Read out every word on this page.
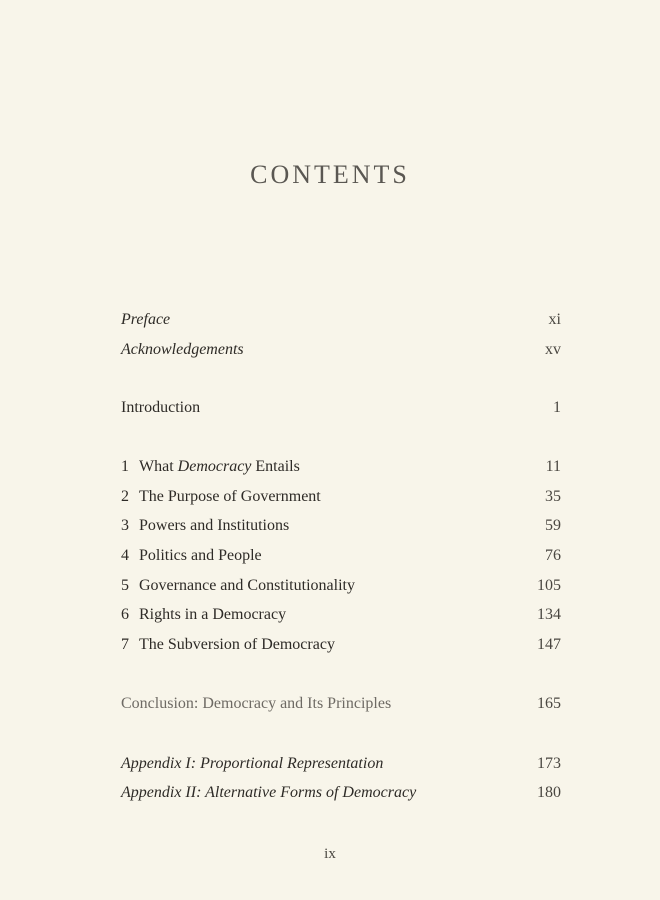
CONTENTS
Preface	xi
Acknowledgements	xv
Introduction	1
1 What Democracy Entails	11
2 The Purpose of Government	35
3 Powers and Institutions	59
4 Politics and People	76
5 Governance and Constitutionality	105
6 Rights in a Democracy	134
7 The Subversion of Democracy	147
Conclusion: Democracy and Its Principles	165
Appendix I: Proportional Representation	173
Appendix II: Alternative Forms of Democracy	180
ix
